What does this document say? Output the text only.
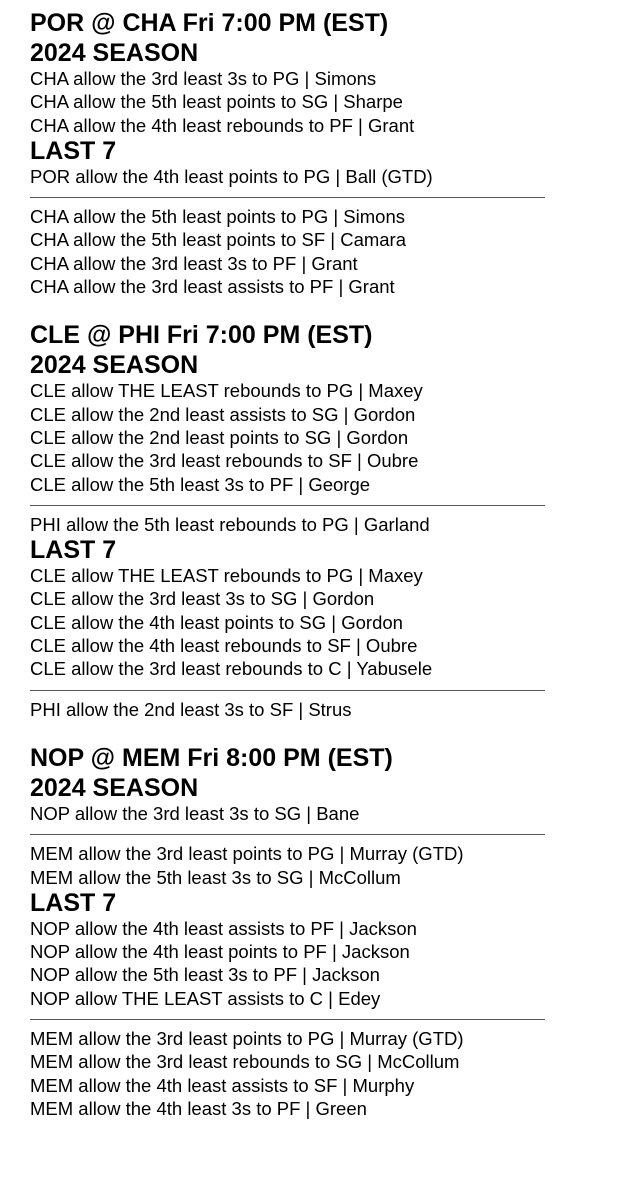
POR @ CHA Fri 7:00 PM (EST)
2024 SEASON
CHA allow the 3rd least 3s to PG | Simons
CHA allow the 5th least points to SG | Sharpe
CHA allow the 4th least rebounds to PF | Grant
LAST 7
POR allow the 4th least points to PG | Ball (GTD)
CHA allow the 5th least points to PG | Simons
CHA allow the 5th least points to SF | Camara
CHA allow the 3rd least 3s to PF | Grant
CHA allow the 3rd least assists to PF | Grant
CLE @ PHI Fri 7:00 PM (EST)
2024 SEASON
CLE allow THE LEAST rebounds to PG | Maxey
CLE allow the 2nd least assists to SG | Gordon
CLE allow the 2nd least points to SG | Gordon
CLE allow the 3rd least rebounds to SF | Oubre
CLE allow the 5th least 3s to PF | George
PHI allow the 5th least rebounds to PG | Garland
LAST 7
CLE allow THE LEAST rebounds to PG | Maxey
CLE allow the 3rd least 3s to SG | Gordon
CLE allow the 4th least points to SG | Gordon
CLE allow the 4th least rebounds to SF | Oubre
CLE allow the 3rd least rebounds to C | Yabusele
PHI allow the 2nd least 3s to SF | Strus
NOP @ MEM Fri 8:00 PM (EST)
2024 SEASON
NOP allow the 3rd least 3s to SG | Bane
MEM allow the 3rd least points to PG | Murray (GTD)
MEM allow the 5th least 3s to SG | McCollum
LAST 7
NOP allow the 4th least assists to PF | Jackson
NOP allow the 4th least points to PF | Jackson
NOP allow the 5th least 3s to PF | Jackson
NOP allow THE LEAST assists to C | Edey
MEM allow the 3rd least points to PG | Murray (GTD)
MEM allow the 3rd least rebounds to SG | McCollum
MEM allow the 4th least assists to SF | Murphy
MEM allow the 4th least 3s to PF | Green
